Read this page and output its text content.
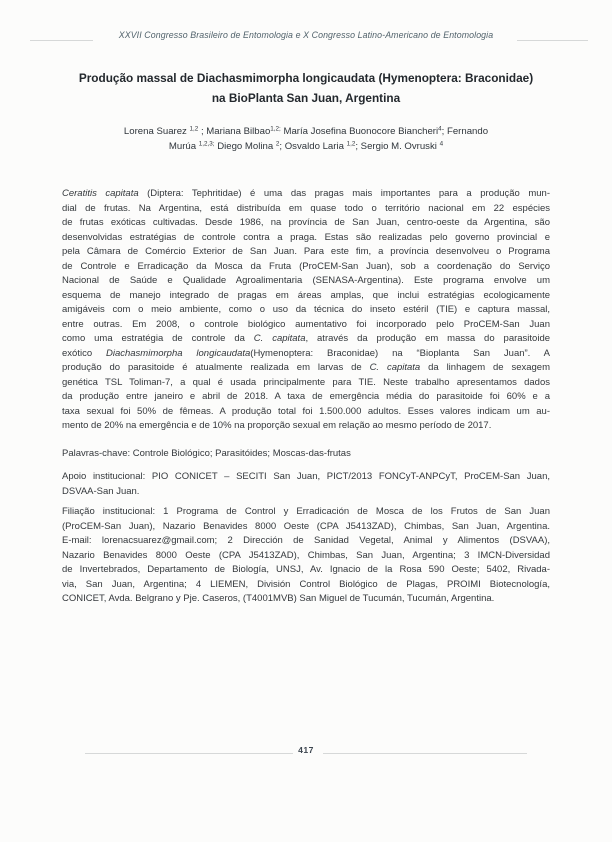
XXVII Congresso Brasileiro de Entomologia e X Congresso Latino-Americano de Entomologia
Produção massal de Diachasmimorpha longicaudata (Hymenoptera: Braconidae)
na BioPlanta San Juan, Argentina
Lorena Suarez $^{1,2}$ ; Mariana Bilbao$^{1,2;}$ María Josefina Buonocore Biancheri$^4$; Fernando
Murúa $^{1,2,3;}$ Diego Molina $^2$; Osvaldo Laria $^{1,2}$; Sergio M. Ovruski $^4$
Ceratitis capitata (Diptera: Tephritidae) é uma das pragas mais importantes para a produção mun-
dial de frutas. Na Argentina, está distribuída em quase todo o território nacional em 22 espécies
de frutas exóticas cultivadas. Desde 1986, na província de San Juan, centro-oeste da Argentina, são
desenvolvidas estratégias de controle contra a praga. Estas são realizadas pelo governo provincial e
pela Câmara de Comércio Exterior de San Juan. Para este fim, a província desenvolveu o Programa
de Controle e Erradicação da Mosca da Fruta (ProCEM-San Juan), sob a coordenação do Serviço
Nacional de Saúde e Qualidade Agroalimentaria (SENASA-Argentina). Este programa envolve um
esquema de manejo integrado de pragas em áreas amplas, que inclui estratégias ecologicamente
amigáveis com o meio ambiente, como o uso da técnica do inseto estéril (TIE) e captura massal,
entre outras. Em 2008, o controle biológico aumentativo foi incorporado pelo ProCEM-San Juan
como uma estratégia de controle da C. capitata, através da produção em massa do parasitoide
exótico Diachasmimorpha longicaudata(Hymenoptera: Braconidae) na “Bioplanta San Juan”. A
produção do parasitoide é atualmente realizada em larvas de C. capitata da linhagem de sexagem
genética TSL Toliman-7, a qual é usada principalmente para TIE. Neste trabalho apresentamos dados
da produção entre janeiro e abril de 2018. A taxa de emergência média do parasitoide foi 60% e a
taxa sexual foi 50% de fêmeas. A produção total foi 1.500.000 adultos. Esses valores indicam um au-
mento de 20% na emergência e de 10% na proporção sexual em relação ao mesmo período de 2017.
Palavras-chave: Controle Biológico; Parasitóides; Moscas-das-frutas
Apoio institucional: PIO CONICET – SECITI San Juan, PICT/2013 FONCyT-ANPCyT, ProCEM-San Juan,
DSVAA-San Juan.
Filiação institucional: 1 Programa de Control y Erradicación de Mosca de los Frutos de San Juan
(ProCEM-San Juan), Nazario Benavides 8000 Oeste (CPA J5413ZAD), Chimbas, San Juan, Argentina.
E-mail: lorenacsuarez@gmail.com; 2 Dirección de Sanidad Vegetal, Animal y Alimentos (DSVAA),
Nazario Benavides 8000 Oeste (CPA J5413ZAD), Chimbas, San Juan, Argentina; 3 IMCN-Diversidad
de Invertebrados, Departamento de Biología, UNSJ, Av. Ignacio de la Rosa 590 Oeste; 5402, Rivada-
via, San Juan, Argentina; 4 LIEMEN, División Control Biológico de Plagas, PROIMI Biotecnología,
CONICET, Avda. Belgrano y Pje. Caseros, (T4001MVB) San Miguel de Tucumán, Tucumán, Argentina.
417
